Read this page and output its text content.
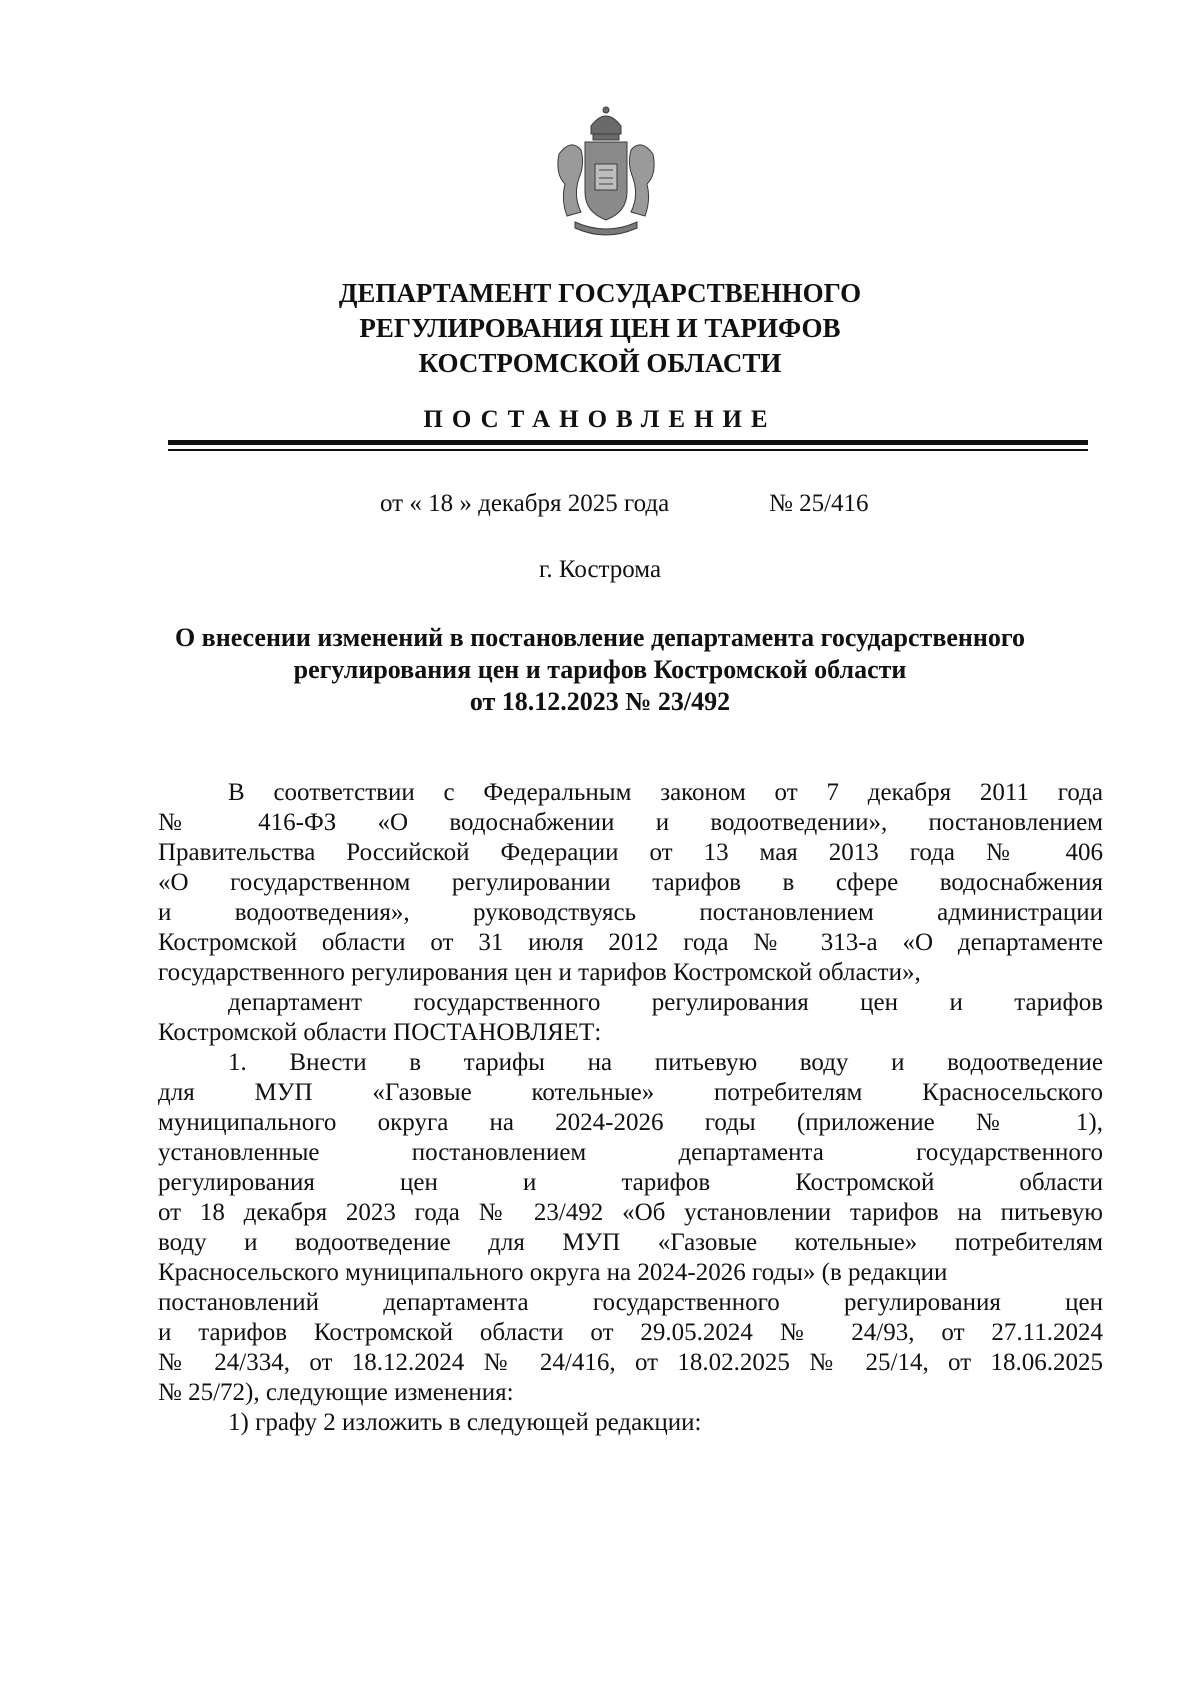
ДЕПАРТАМЕНТ ГОСУДАРСТВЕННОГО
РЕГУЛИРОВАНИЯ ЦЕН И ТАРИФОВ
КОСТРОМСКОЙ ОБЛАСТИ
ПОСТАНОВЛЕНИЕ
от « 18 » декабря 2025 года	№ 25/416
г. Кострома
О внесении изменений в постановление департамента государственного
регулирования цен и тарифов Костромской области
от 18.12.2023 № 23/492

В соответствии с Федеральным законом от 7 декабря 2011 года

№ 416-ФЗ «О водоснабжении и водоотведении», постановлением

Правительства Российской Федерации от 13 мая 2013 года № 406

«О государственном регулировании тарифов в сфере водоснабжения

и водоотведения», руководствуясь постановлением администрации

Костромской области от 31 июля 2012 года № 313-а «О департаменте

государственного регулирования цен и тарифов Костромской области»,

департамент государственного регулирования цен и тарифов

Костромской области ПОСТАНОВЛЯЕТ:

1. Внести в тарифы на питьевую воду и водоотведение

для МУП «Газовые котельные» потребителям Красносельского

муниципального округа на 2024-2026 годы (приложение № 1),

установленные постановлением департамента государственного

регулирования цен и тарифов Костромской области

от 18 декабря 2023 года № 23/492 «Об установлении тарифов на питьевую

воду и водоотведение для МУП «Газовые котельные» потребителям

Красносельского муниципального округа на 2024-2026 годы» (в редакции

постановлений департамента государственного регулирования цен

и тарифов Костромской области от 29.05.2024 № 24/93, от 27.11.2024

№ 24/334, от 18.12.2024 № 24/416, от 18.02.2025 № 25/14, от 18.06.2025

№ 25/72), следующие изменения:

1) графу 2 изложить в следующей редакции:
